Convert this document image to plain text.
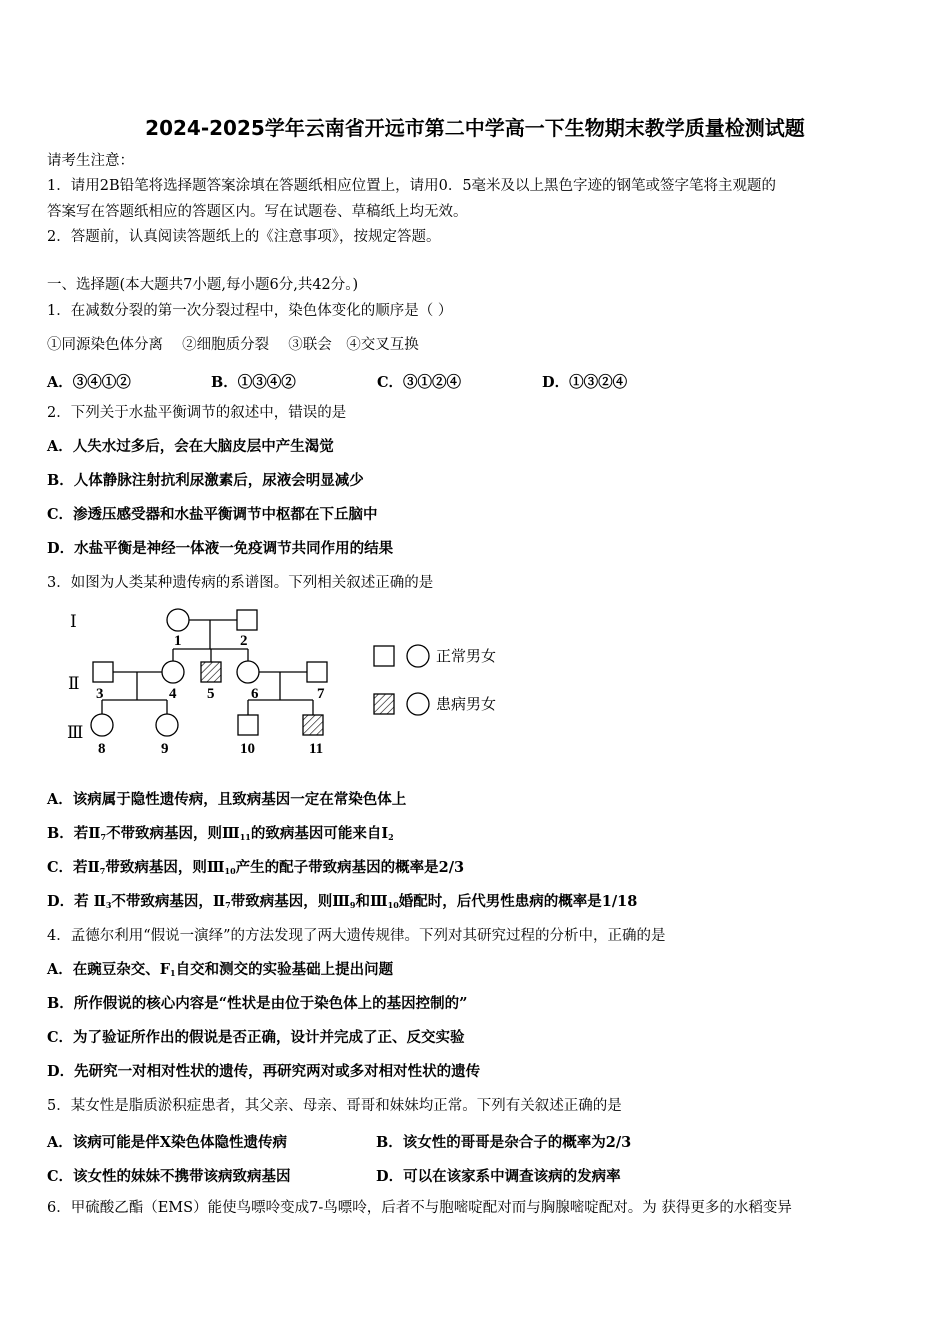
2024-2025学年云南省开远市第二中学高一下生物期末教学质量检测试题
请考生注意：
1．请用2B铅笔将选择题答案涂填在答题纸相应位置上，请用0．5毫米及以上黑色字迹的钢笔或签字笔将主观题的
答案写在答题纸相应的答题区内。写在试题卷、草稿纸上均无效。
2．答题前，认真阅读答题纸上的《注意事项》，按规定答题。
一、选择题(本大题共7小题,每小题6分,共42分。)
1．在减数分裂的第一次分裂过程中，染色体变化的顺序是（ ）
①同源染色体分离　 ②细胞质分裂　 ③联会　④交叉互换
A．③④①②	B．①③④②	C．③①②④	D．①③②④
2．下列关于水盐平衡调节的叙述中，错误的是
A．人失水过多后，会在大脑皮层中产生渴觉
B．人体静脉注射抗利尿激素后，尿液会明显减少
C．渗透压感受器和水盐平衡调节中枢都在下丘脑中
D．水盐平衡是神经一体液一免疫调节共同作用的结果
3．如图为人类某种遗传病的系谱图。下列相关叙述正确的是
Ⅰ
Ⅱ
Ⅲ
1	2
3	4 5 6	7
8	9	10	11
正常男女
患病男女
A．该病属于隐性遗传病，且致病基因一定在常染色体上
B．若$Ⅱ_7$不带致病基因，则$Ⅲ_{11}$的致病基因可能来自$Ⅰ_2$
C．若$Ⅱ_7$带致病基因，则$Ⅲ_{10}$产生的配子带致病基因的概率是2/3
D．若 $Ⅱ_3$不带致病基因，$Ⅱ_7$带致病基因，则$Ⅲ_9$和$Ⅲ_{10}$婚配时，后代男性患病的概率是1/18
4．孟德尔利用“假说一演绎”的方法发现了两大遗传规律。下列对其研究过程的分析中，正确的是
A．在豌豆杂交、$F_1$自交和测交的实验基础上提出问题
B．所作假说的核心内容是“性状是由位于染色体上的基因控制的”
C．为了验证所作出的假说是否正确，设计并完成了正、反交实验
D．先研究一对相对性状的遗传，再研究两对或多对相对性状的遗传
5．某女性是脂质淤积症患者，其父亲、母亲、哥哥和妹妹均正常。下列有关叙述正确的是
A．该病可能是伴X染色体隐性遗传病	B．该女性的哥哥是杂合子的概率为2/3
C．该女性的妹妹不携带该病致病基因	D．可以在该家系中调查该病的发病率
6．甲硫酸乙酯（EMS）能使鸟嘌呤变成7-鸟嘌呤，后者不与胞嘧啶配对而与胸腺嘧啶配对。为 获得更多的水稻变异
